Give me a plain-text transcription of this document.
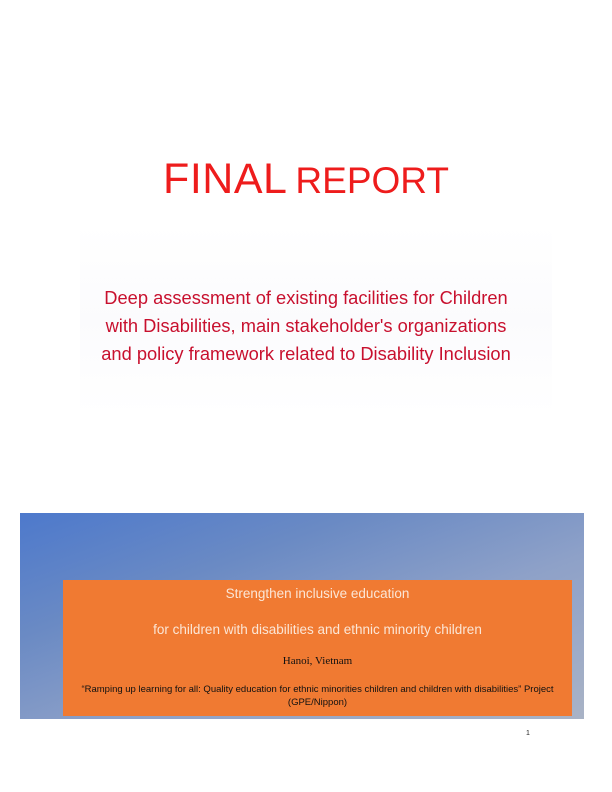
FINAL REPORT
Deep assessment of existing facilities for Children
with Disabilities, main stakeholder's organizations
and policy framework related to Disability Inclusion
Strengthen inclusive education
for children with disabilities and ethnic minority children
Hanoi, Vietnam
“Ramping up learning for all: Quality education for ethnic minorities children and children with disabilities” Project (GPE/Nippon)
1
